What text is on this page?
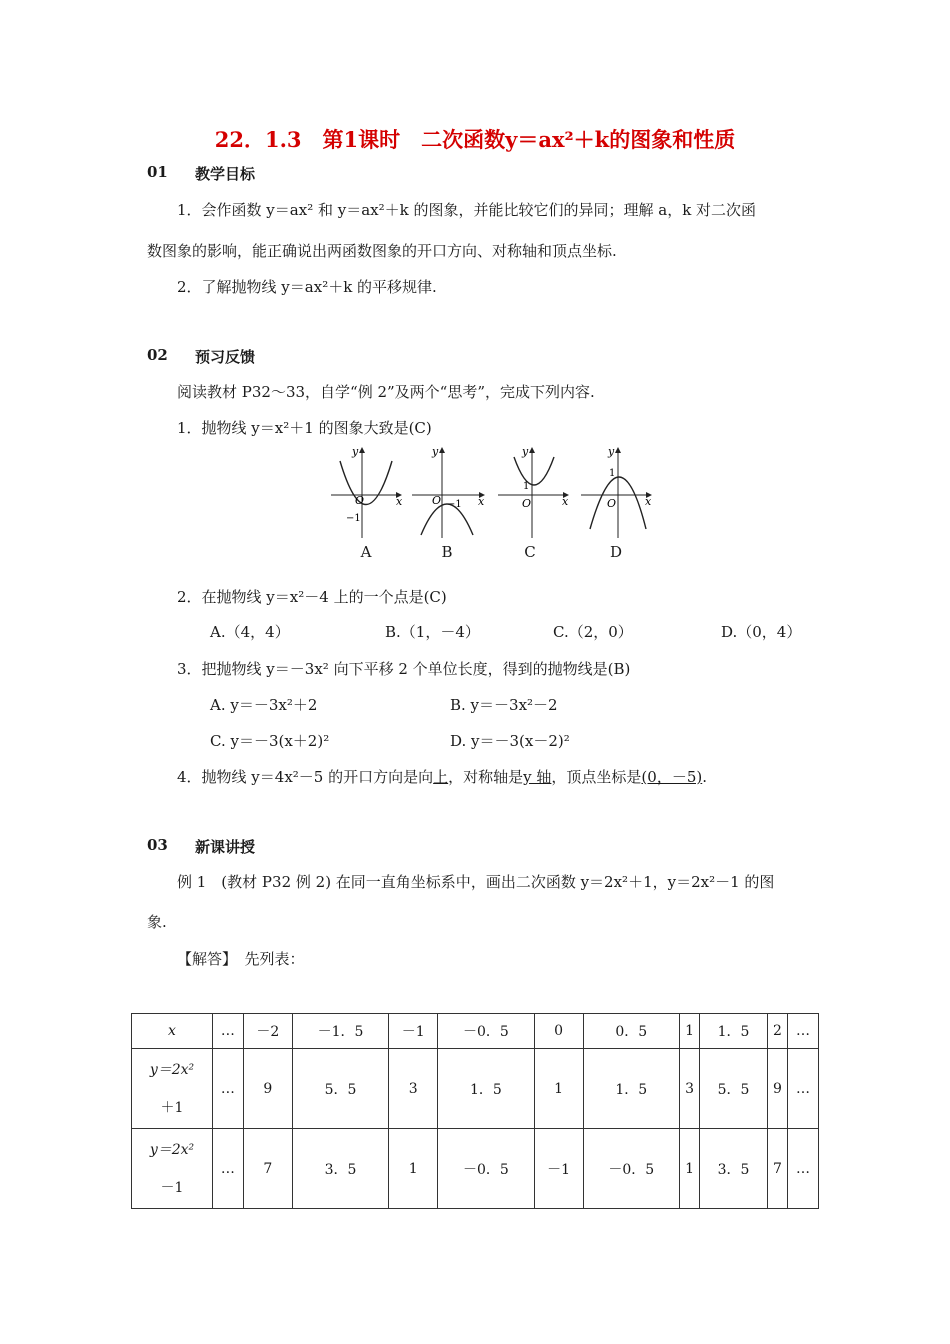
22．1.3　第1课时　二次函数y＝ax²＋k的图象和性质
01 教学目标
1．会作函数 y＝ax² 和 y＝ax²＋k 的图象，并能比较它们的异同；理解 a，k 对二次函
数图象的影响，能正确说出两函数图象的开口方向、对称轴和顶点坐标.
2．了解抛物线 y＝ax²＋k 的平移规律.
02 预习反馈
阅读教材 P32～33，自学“例 2”及两个“思考”，完成下列内容.
1．抛物线 y＝x²＋1 的图象大致是(C)
y
x
O
−1
y
x
O −1
y
x
O
1
y
x
O
1
A	B	C	D
2．在抛物线 y＝x²－4 上的一个点是(C)
A.（4，4）	B.（1，－4）	C.（2，0）	D.（0，4）
3．把抛物线 y＝－3x² 向下平移 2 个单位长度，得到的抛物线是(B)
A. y＝－3x²＋2	B. y＝－3x²－2
C. y＝－3(x＋2)²	D. y＝－3(x－2)²
4．抛物线 y＝4x²－5 的开口方向是向上，对称轴是y 轴，顶点坐标是(0，－5).
03 新课讲授
例 1　(教材 P32 例 2) 在同一直角坐标系中，画出二次函数 y＝2x²＋1，y＝2x²－1 的图
象.
【解答】　先列表：
x	…	－2	－1．5	－1	－0．5	0	0．5	1	1．5	2	…

y＝2x²
＋1	…	9	5．5	3	1．5	1	1．5	3	5．5	9	…

y＝2x²
－1	…	7	3．5	1	－0．5	－1	－0．5	1	3．5	7	…
